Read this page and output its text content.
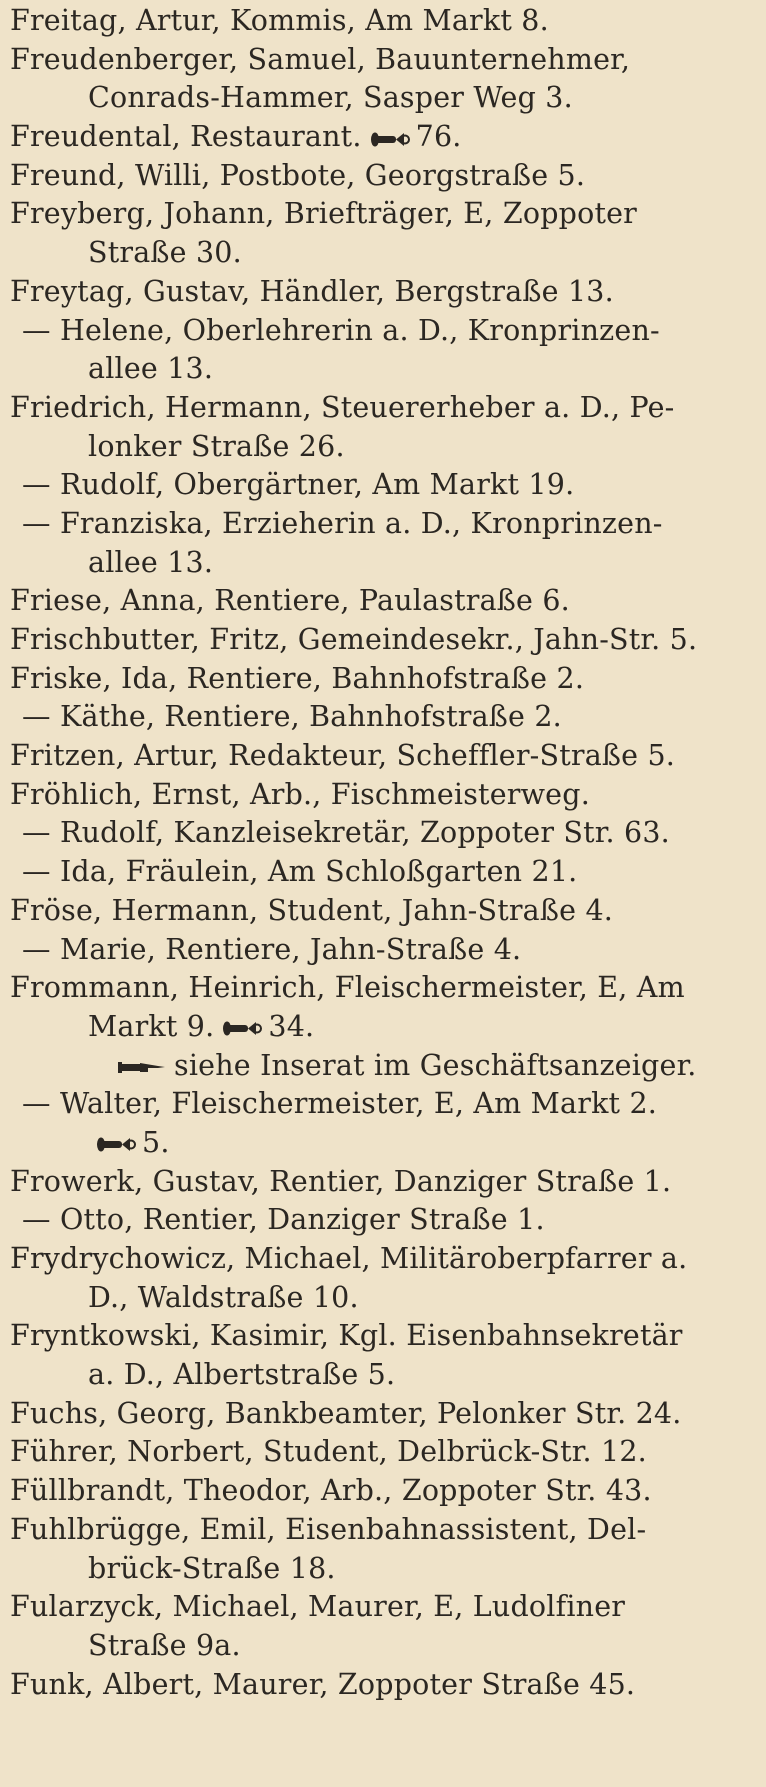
Freitag, Artur, Kommis, Am Markt 8.
Freudenberger, Samuel, Bauunternehmer,
Conrads-Hammer, Sasper Weg 3.
Freudental, Restaurant. 76.
Freund, Willi, Postbote, Georgstraße 5.
Freyberg, Johann, Briefträger, E, Zoppoter
Straße 30.
Freytag, Gustav, Händler, Bergstraße 13.
— Helene, Oberlehrerin a. D., Kronprinzen-
allee 13.
Friedrich, Hermann, Steuererheber a. D., Pe-
lonker Straße 26.
— Rudolf, Obergärtner, Am Markt 19.
— Franziska, Erzieherin a. D., Kronprinzen-
allee 13.
Friese, Anna, Rentiere, Paulastraße 6.
Frischbutter, Fritz, Gemeindesekr., Jahn-Str. 5.
Friske, Ida, Rentiere, Bahnhofstraße 2.
— Käthe, Rentiere, Bahnhofstraße 2.
Fritzen, Artur, Redakteur, Scheffler-Straße 5.
Fröhlich, Ernst, Arb., Fischmeisterweg.
— Rudolf, Kanzleisekretär, Zoppoter Str. 63.
— Ida, Fräulein, Am Schloßgarten 21.
Fröse, Hermann, Student, Jahn-Straße 4.
— Marie, Rentiere, Jahn-Straße 4.
Frommann, Heinrich, Fleischermeister, E, Am
Markt 9. 34.
siehe Inserat im Geschäftsanzeiger.
— Walter, Fleischermeister, E, Am Markt 2.
5.
Frowerk, Gustav, Rentier, Danziger Straße 1.
— Otto, Rentier, Danziger Straße 1.
Frydrychowicz, Michael, Militäroberpfarrer a.
D., Waldstraße 10.
Fryntkowski, Kasimir, Kgl. Eisenbahnsekretär
a. D., Albertstraße 5.
Fuchs, Georg, Bankbeamter, Pelonker Str. 24.
Führer, Norbert, Student, Delbrück-Str. 12.
Füllbrandt, Theodor, Arb., Zoppoter Str. 43.
Fuhlbrügge, Emil, Eisenbahnassistent, Del-
brück-Straße 18.
Fularzyck, Michael, Maurer, E, Ludolfiner
Straße 9a.
Funk, Albert, Maurer, Zoppoter Straße 45.
